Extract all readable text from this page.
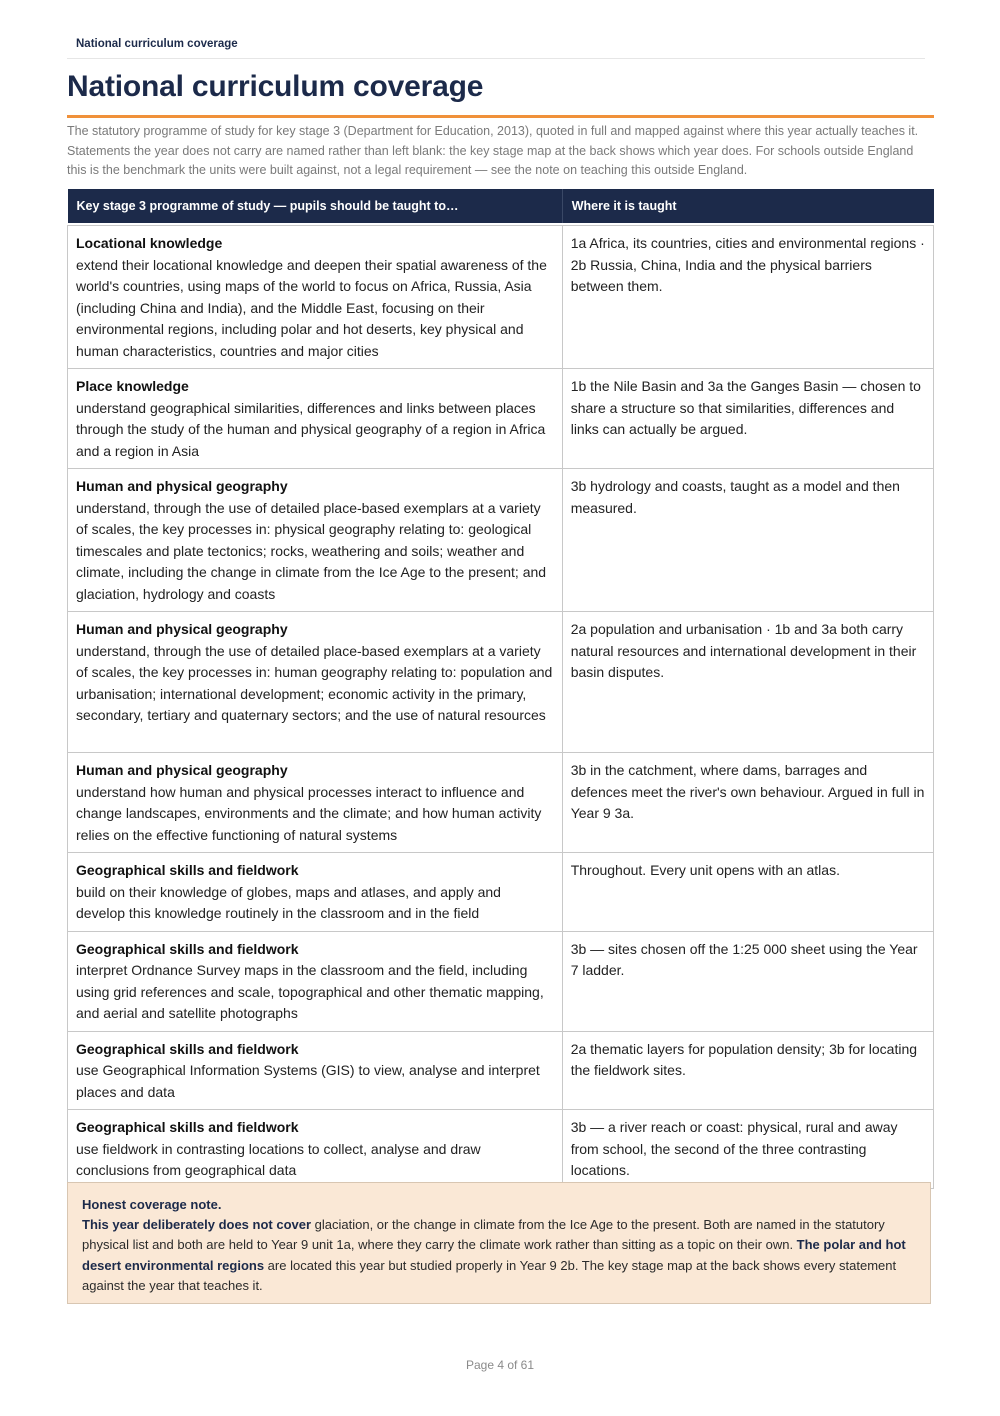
National curriculum coverage
National curriculum coverage

The statutory programme of study for key stage 3 (Department for Education, 2013), quoted in full and mapped against where this year actually teaches it. Statements the year does not carry are named rather than left blank: the key stage map at the back shows which year does. For schools outside England this is the benchmark the units were built against, not a legal requirement — see the note on teaching this outside England.

Key stage 3 programme of study — pupils should be taught to…	Where it is taught

Locational knowledge
extend their locational knowledge and deepen their spatial awareness of the world's countries, using maps of the world to focus on Africa, Russia, Asia (including China and India), and the Middle East, focusing on their environmental regions, including polar and hot deserts, key physical and human characteristics, countries and major cities	1a Africa, its countries, cities and environmental regions · 2b Russia, China, India and the physical barriers between them.

Place knowledge
understand geographical similarities, differences and links between places through the study of the human and physical geography of a region in Africa and a region in Asia	1b the Nile Basin and 3a the Ganges Basin — chosen to share a structure so that similarities, differences and links can actually be argued.

Human and physical geography
understand, through the use of detailed place-based exemplars at a variety of scales, the key processes in: physical geography relating to: geological timescales and plate tectonics; rocks, weathering and soils; weather and climate, including the change in climate from the Ice Age to the present; and glaciation, hydrology and coasts	3b hydrology and coasts, taught as a model and then measured.

Human and physical geography
understand, through the use of detailed place-based exemplars at a variety of scales, the key processes in: human geography relating to: population and urbanisation; international development; economic activity in the primary, secondary, tertiary and quaternary sectors; and the use of natural resources	2a population and urbanisation · 1b and 3a both carry natural resources and international development in their basin disputes.

Human and physical geography
understand how human and physical processes interact to influence and change landscapes, environments and the climate; and how human activity relies on the effective functioning of natural systems	3b in the catchment, where dams, barrages and defences meet the river's own behaviour. Argued in full in Year 9 3a.

Geographical skills and fieldwork
build on their knowledge of globes, maps and atlases, and apply and develop this knowledge routinely in the classroom and in the field	Throughout. Every unit opens with an atlas.

Geographical skills and fieldwork
interpret Ordnance Survey maps in the classroom and the field, including using grid references and scale, topographical and other thematic mapping, and aerial and satellite photographs	3b — sites chosen off the 1:25 000 sheet using the Year 7 ladder.

Geographical skills and fieldwork
use Geographical Information Systems (GIS) to view, analyse and interpret places and data	2a thematic layers for population density; 3b for locating the fieldwork sites.

Geographical skills and fieldwork
use fieldwork in contrasting locations to collect, analyse and draw conclusions from geographical data	3b — a river reach or coast: physical, rural and away from school, the second of the three contrasting locations.
Honest coverage note.
This year deliberately does not cover glaciation, or the change in climate from the Ice Age to the present. Both are named in the statutory physical list and both are held to Year 9 unit 1a, where they carry the climate work rather than sitting as a topic on their own. The polar and hot desert environmental regions are located this year but studied properly in Year 9 2b. The key stage map at the back shows every statement against the year that teaches it.
Page 4 of 61
